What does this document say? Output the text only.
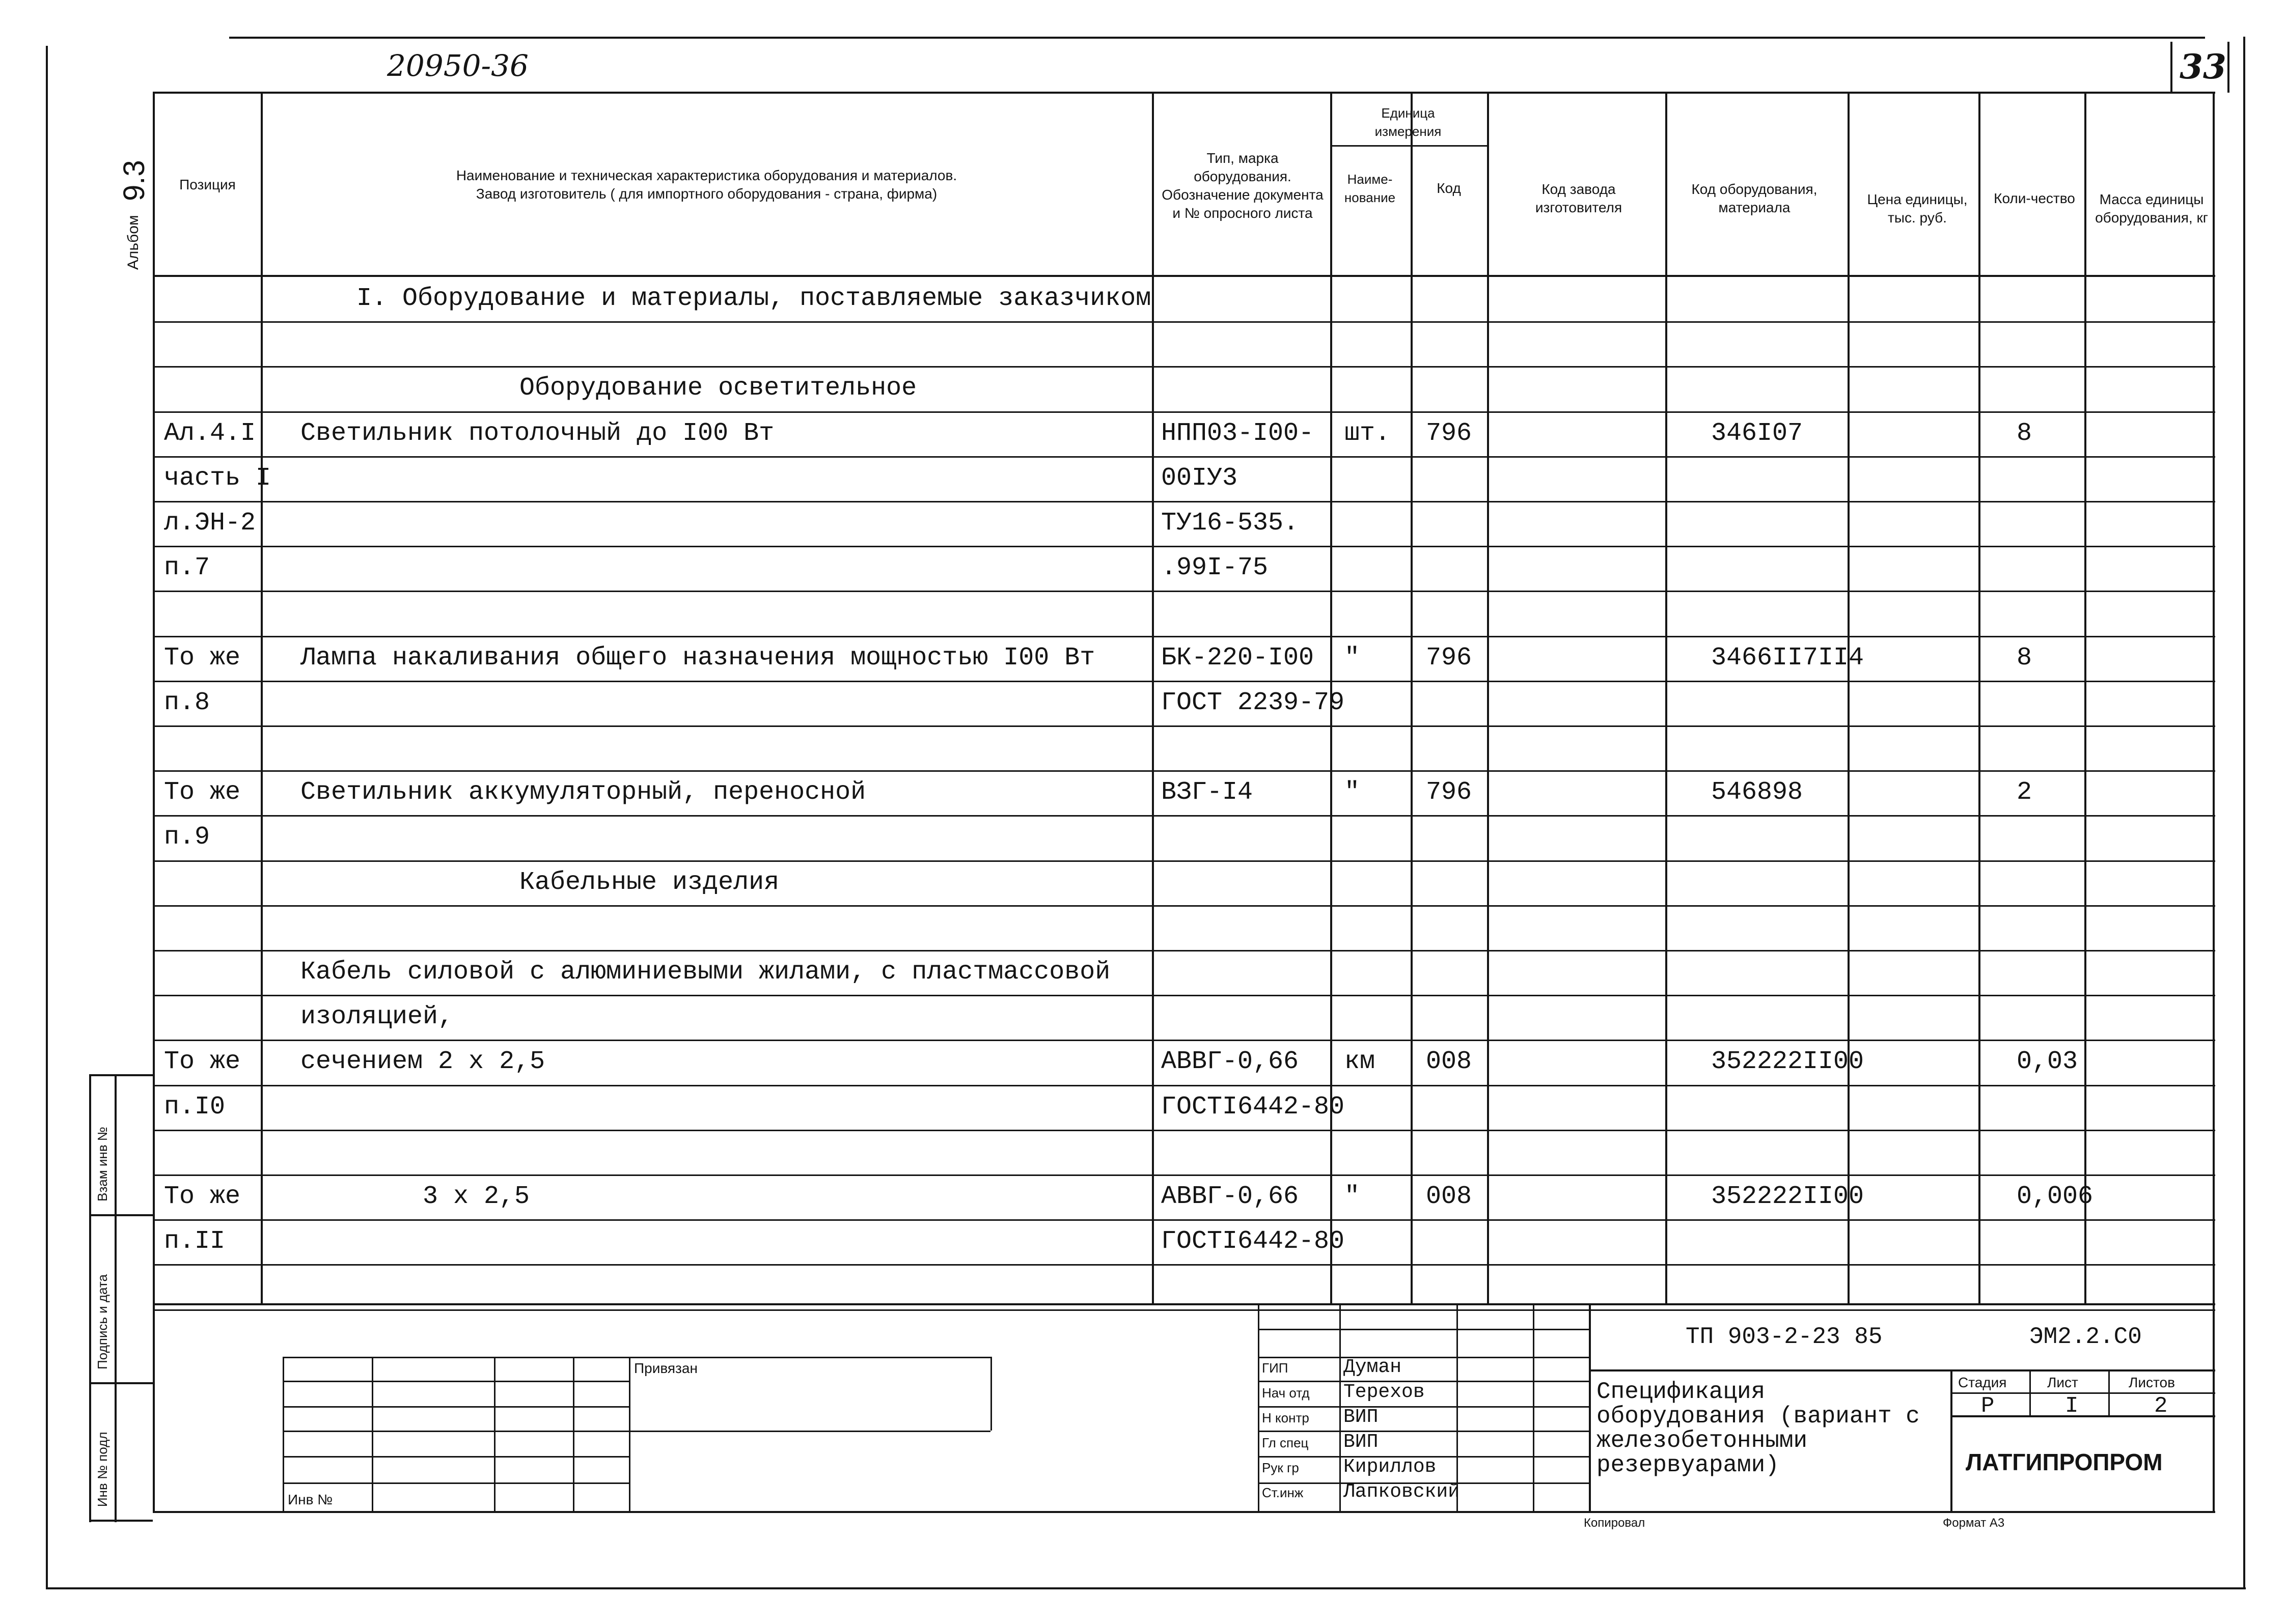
20950-36	33
Альбом
9.3	Позиция
Наименование и техническая характеристика оборудования и материалов.
Завод изготовитель ( для импортного оборудования - страна, фирма)
Тип, марка оборудования. Обозначение документа и № опросного листа
Единица измерения
Наиме-нование
Код	Код завода изготовителя
Код оборудования, материала
Цена единицы, тыс. руб.
Коли-чество	Масса единицы оборудования, кг
I. Оборудование и материалы, поставляемые заказчиком
Оборудование осветительное
Ал.4.I Светильник потолочный до I00 Вт	НПП03-I00- шт. 796	346I07	8
часть I	00IУ3
л.ЭН-2	ТУ16-535.
п.7	.99I-75
То же Лампа накаливания общего назначения мощностью I00 Вт	БК-220-I00 "	796	3466II7II4	8
п.8	ГОСТ 2239-79
То же Светильник аккумуляторный, переносной	ВЗГ-I4	"	796	546898	2
п.9
Кабельные изделия
Кабель силовой с алюминиевыми жилами, с пластмассовой
изоляцией,
То же сечением 2 х 2,5	АВВГ-0,66 км 008	352222II00	0,03
п.I0	ГОСТI6442-80
То же	3 х 2,5	АВВГ-0,66 "	008	352222II00	0,006
п.II	ГОСТI6442-80
Взам инв №
Подпись и дата
Инв № подл
Привязан
Инв №
ГИП
Нач отд
Н контр
Гл спец
Рук гр
Ст.инж
Думан
Терехов
ВИП
ВИП
Кириллов
Лапковский
ТП 903-2-23 85	ЭМ2.2.С0
Спецификация оборудования (вариант с железобетонными резервуарами)
Стадия	Лист	Листов
Р	I	2
ЛАТГИПРОПРОМ
Копировал	Формат А3
